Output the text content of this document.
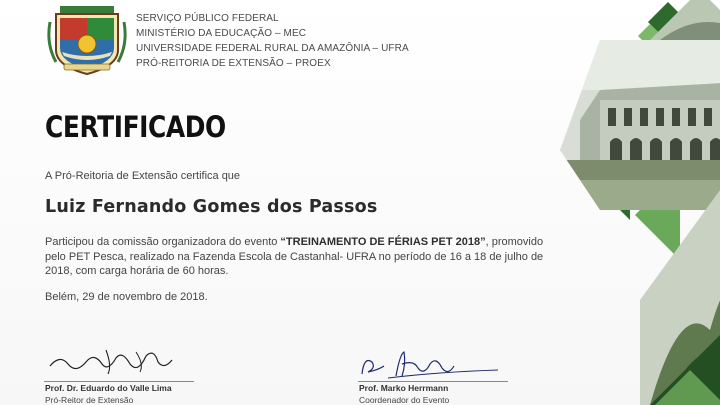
SERVIÇO PÚBLICO FEDERAL
MINISTÉRIO DA EDUCAÇÃO – MEC
UNIVERSIDADE FEDERAL RURAL DA AMAZÔNIA – UFRA
PRÓ-REITORIA DE EXTENSÃO – PROEX
CERTIFICADO
A Pró-Reitoria de Extensão certifica que
Luiz Fernando Gomes dos Passos
Participou da comissão organizadora do evento “TREINAMENTO DE FÉRIAS PET 2018”, promovido pelo PET Pesca, realizado na Fazenda Escola de Castanhal- UFRA no período de 16 a 18 de julho de 2018, com carga horária de 60 horas.
Belém, 29 de novembro de 2018.
Prof. Dr. Eduardo do Valle Lima
Pró-Reitor de Extensão
Prof. Marko Herrmann
Coordenador do Evento
